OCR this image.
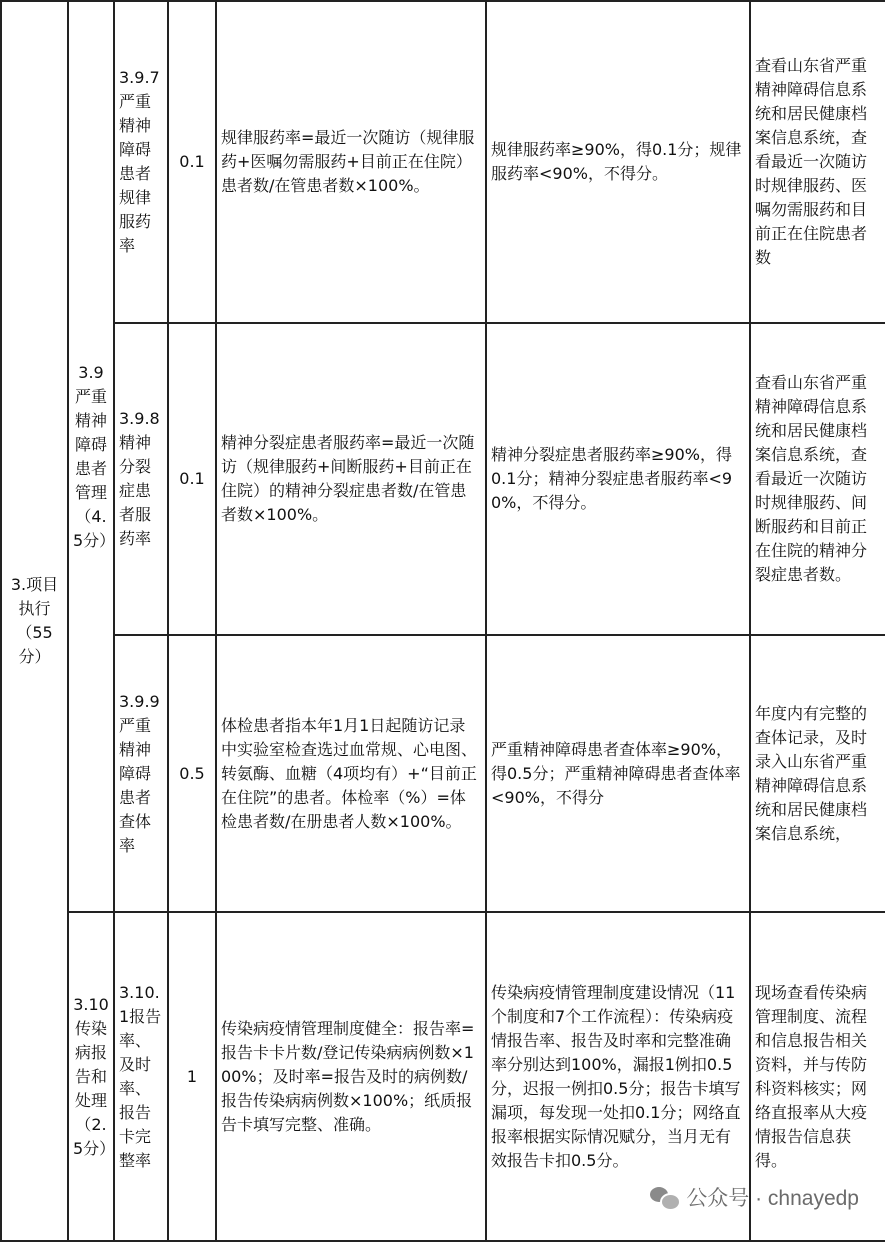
3.项目执行（55分）	3.9严重精神障碍患者管理（4.5分）	3.9.7严重精神障碍患者规律服药率	0.1	规律服药率=最近一次随访（规律服药+医嘱勿需服药+目前正在住院）患者数/在管患者数×100%。	规律服药率≥90%，得0.1分；规律服药率<90%，不得分。	查看山东省严重精神障碍信息系统和居民健康档案信息系统，查看最近一次随访时规律服药、医嘱勿需服药和目前正在住院患者数
		3.9.8精神分裂症患者服药率	0.1	精神分裂症患者服药率=最近一次随访（规律服药+间断服药+目前正在住院）的精神分裂症患者数/在管患者数×100%。	精神分裂症患者服药率≥90%，得0.1分；精神分裂症患者服药率<90%，不得分。	查看山东省严重精神障碍信息系统和居民健康档案信息系统，查看最近一次随访时规律服药、间断服药和目前正在住院的精神分裂症患者数。
		3.9.9严重精神障碍患者查体率	0.5	体检患者指本年1月1日起随访记录中实验室检查选过血常规、心电图、转氨酶、血糖（4项均有）+“目前正在住院”的患者。体检率（%）=体检患者数/在册患者人数×100%。	严重精神障碍患者查体率≥90%，得0.5分；严重精神障碍患者查体率<90%，不得分	年度内有完整的查体记录，及时录入山东省严重精神障碍信息系统和居民健康档案信息系统，
	3.10传染病报告和处理（2.5分）	3.10.1报告率、及时率、报告卡完整率	1	传染病疫情管理制度健全：报告率=报告卡卡片数/登记传染病病例数×100%；及时率=报告及时的病例数/报告传染病病例数×100%；纸质报告卡填写完整、准确。	传染病疫情管理制度建设情况（11个制度和7个工作流程）：传染病疫情报告率、报告及时率和完整准确率分别达到100%，漏报1例扣0.5分，迟报一例扣0.5分；报告卡填写漏项，每发现一处扣0.1分；网络直报率根据实际情况赋分，当月无有效报告卡扣0.5分。	现场查看传染病管理制度、流程和信息报告相关资料，并与传防科资料核实；网络直报率从大疫情报告信息获得。
公众号 · chnayedp
